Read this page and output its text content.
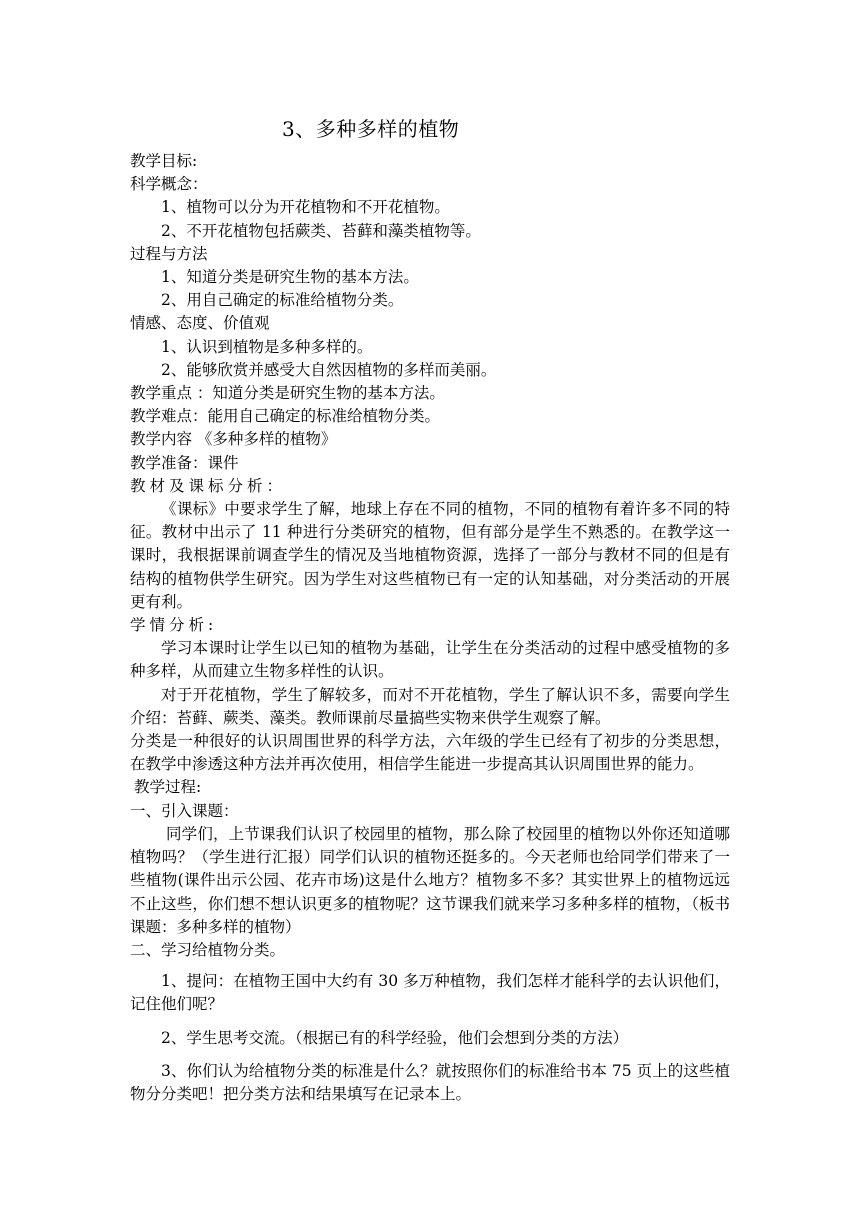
3、多种多样的植物
教学目标:
科学概念：
1、植物可以分为开花植物和不开花植物。
2、不开花植物包括蕨类、苔藓和藻类植物等。
过程与方法
1、知道分类是研究生物的基本方法。
2、用自己确定的标准给植物分类。
情感、态度、价值观
1、认识到植物是多种多样的。
2、能够欣赏并感受大自然因植物的多样而美丽。
教学重点 ：知道分类是研究生物的基本方法。
教学难点：能用自己确定的标准给植物分类。
教学内容 《多种多样的植物》
教学准备：课件
教材及课标分析：
《课标》中要求学生了解，地球上存在不同的植物，不同的植物有着许多不同的特征。教材中出示了 11 种进行分类研究的植物，但有部分是学生不熟悉的。在教学这一课时，我根据课前调查学生的情况及当地植物资源，选择了一部分与教材不同的但是有结构的植物供学生研究。因为学生对这些植物已有一定的认知基础，对分类活动的开展更有利。
学情分析:
学习本课时让学生以已知的植物为基础，让学生在分类活动的过程中感受植物的多种多样，从而建立生物多样性的认识。
对于开花植物，学生了解较多，而对不开花植物，学生了解认识不多，需要向学生介绍：苔藓、蕨类、藻类。教师课前尽量搞些实物来供学生观察了解。
分类是一种很好的认识周围世界的科学方法，六年级的学生已经有了初步的分类思想，在教学中渗透这种方法并再次使用，相信学生能进一步提高其认识周围世界的能力。
教学过程:
一、引入课题：
同学们，上节课我们认识了校园里的植物，那么除了校园里的植物以外你还知道哪植物吗？（学生进行汇报）同学们认识的植物还挺多的。今天老师也给同学们带来了一些植物(课件出示公园、花卉市场)这是什么地方？植物多不多？其实世界上的植物远远不止这些，你们想不想认识更多的植物呢？这节课我们就来学习多种多样的植物，（板书课题：多种多样的植物）
二、学习给植物分类。
1、提问：在植物王国中大约有 30 多万种植物，我们怎样才能科学的去认识他们，记住他们呢？
2、学生思考交流。（根据已有的科学经验，他们会想到分类的方法）
3、你们认为给植物分类的标准是什么？就按照你们的标准给书本 75 页上的这些植物分分类吧！把分类方法和结果填写在记录本上。
